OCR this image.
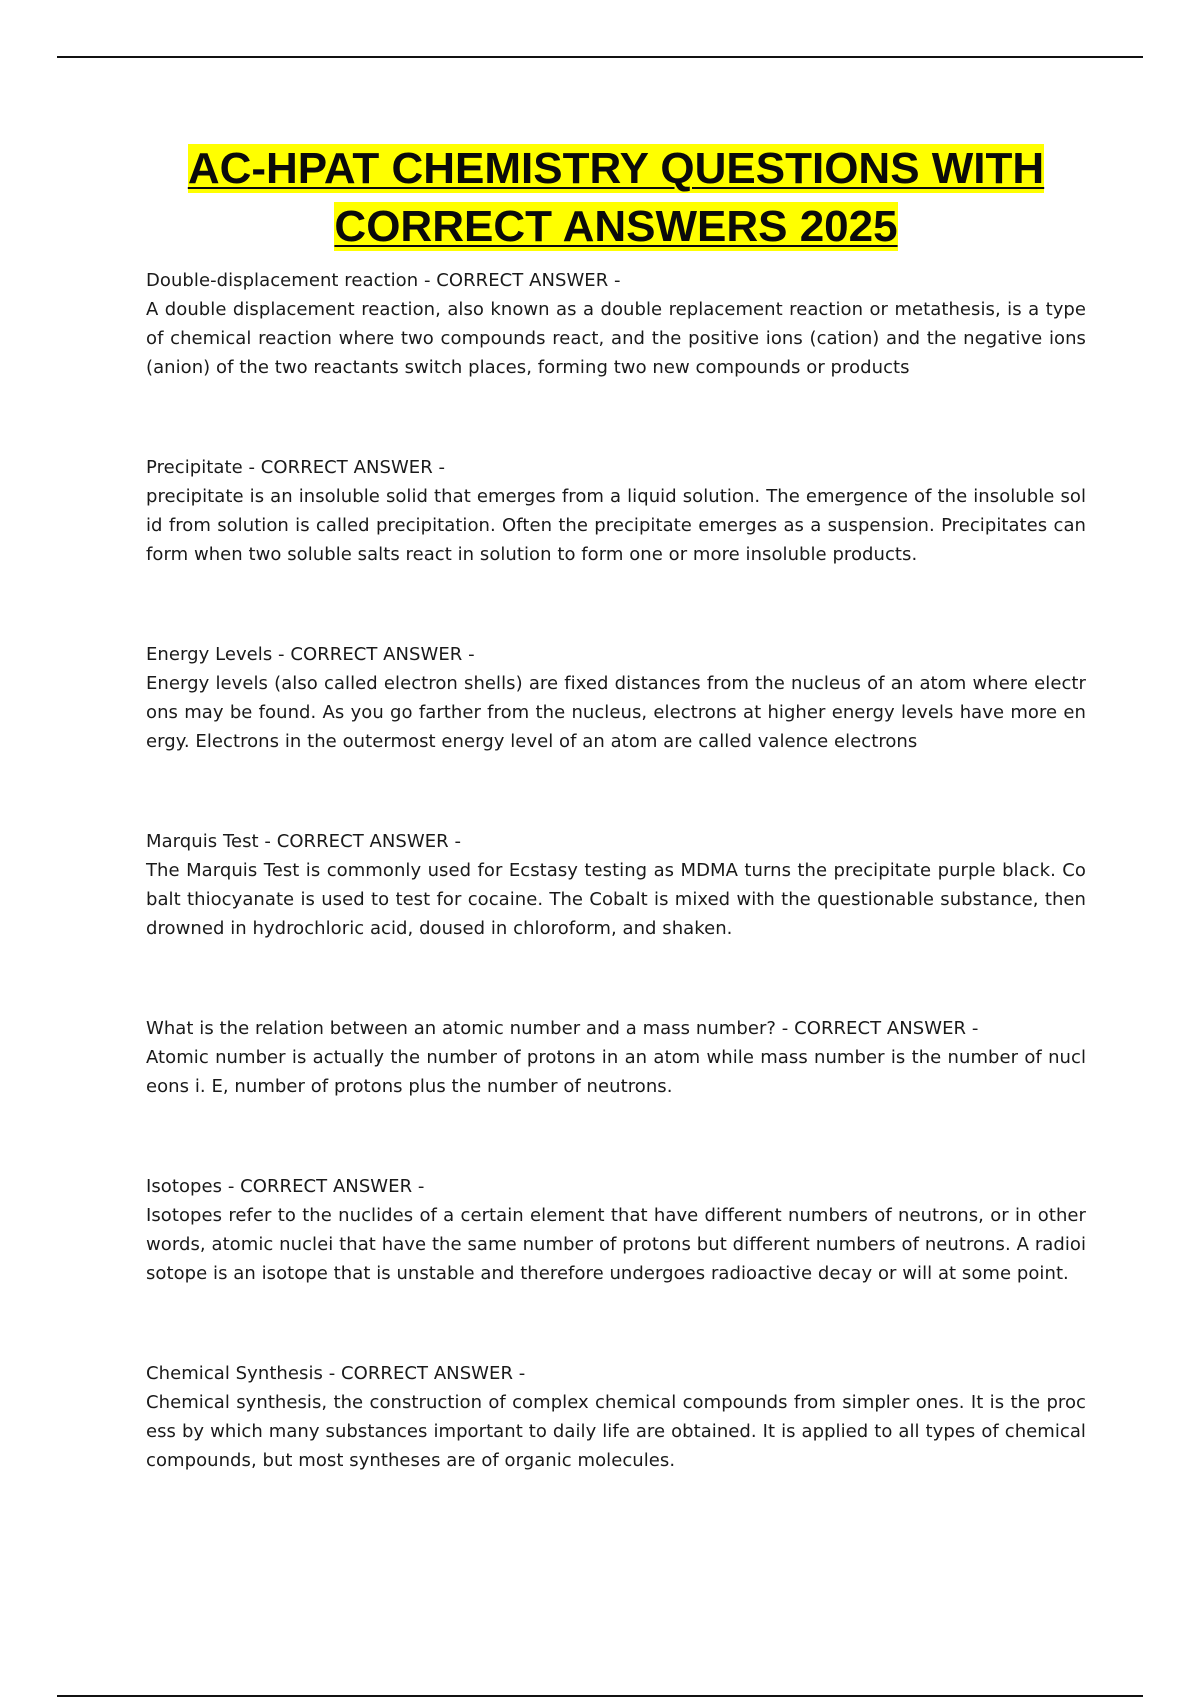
AC-HPAT CHEMISTRY QUESTIONS WITH
CORRECT ANSWERS 2025
Double-displacement reaction - CORRECT ANSWER -
A double displacement reaction, also known as a double replacement reaction or metathesis, is a type of chemical reaction where two compounds react, and the positive ions (cation) and the negative ions (anion) of the two reactants switch places, forming two new compounds or products
Precipitate - CORRECT ANSWER -
precipitate is an insoluble solid that emerges from a liquid solution. The emergence of the insoluble solid from solution is called precipitation. Often the precipitate emerges as a suspension. Precipitates can form when two soluble salts react in solution to form one or more insoluble products.
Energy Levels - CORRECT ANSWER -
Energy levels (also called electron shells) are fixed distances from the nucleus of an atom where electrons may be found. As you go farther from the nucleus, electrons at higher energy levels have more energy. Electrons in the outermost energy level of an atom are called valence electrons
Marquis Test - CORRECT ANSWER -
The Marquis Test is commonly used for Ecstasy testing as MDMA turns the precipitate purple black. Cobalt thiocyanate is used to test for cocaine. The Cobalt is mixed with the questionable substance, then drowned in hydrochloric acid, doused in chloroform, and shaken.
What is the relation between an atomic number and a mass number? - CORRECT ANSWER -
Atomic number is actually the number of protons in an atom while mass number is the number of nucleons i. E, number of protons plus the number of neutrons.
Isotopes - CORRECT ANSWER -
Isotopes refer to the nuclides of a certain element that have different numbers of neutrons, or in other words, atomic nuclei that have the same number of protons but different numbers of neutrons. A radioisotope is an isotope that is unstable and therefore undergoes radioactive decay or will at some point.
Chemical Synthesis - CORRECT ANSWER -
Chemical synthesis, the construction of complex chemical compounds from simpler ones. It is the process by which many substances important to daily life are obtained. It is applied to all types of chemical compounds, but most syntheses are of organic molecules.
